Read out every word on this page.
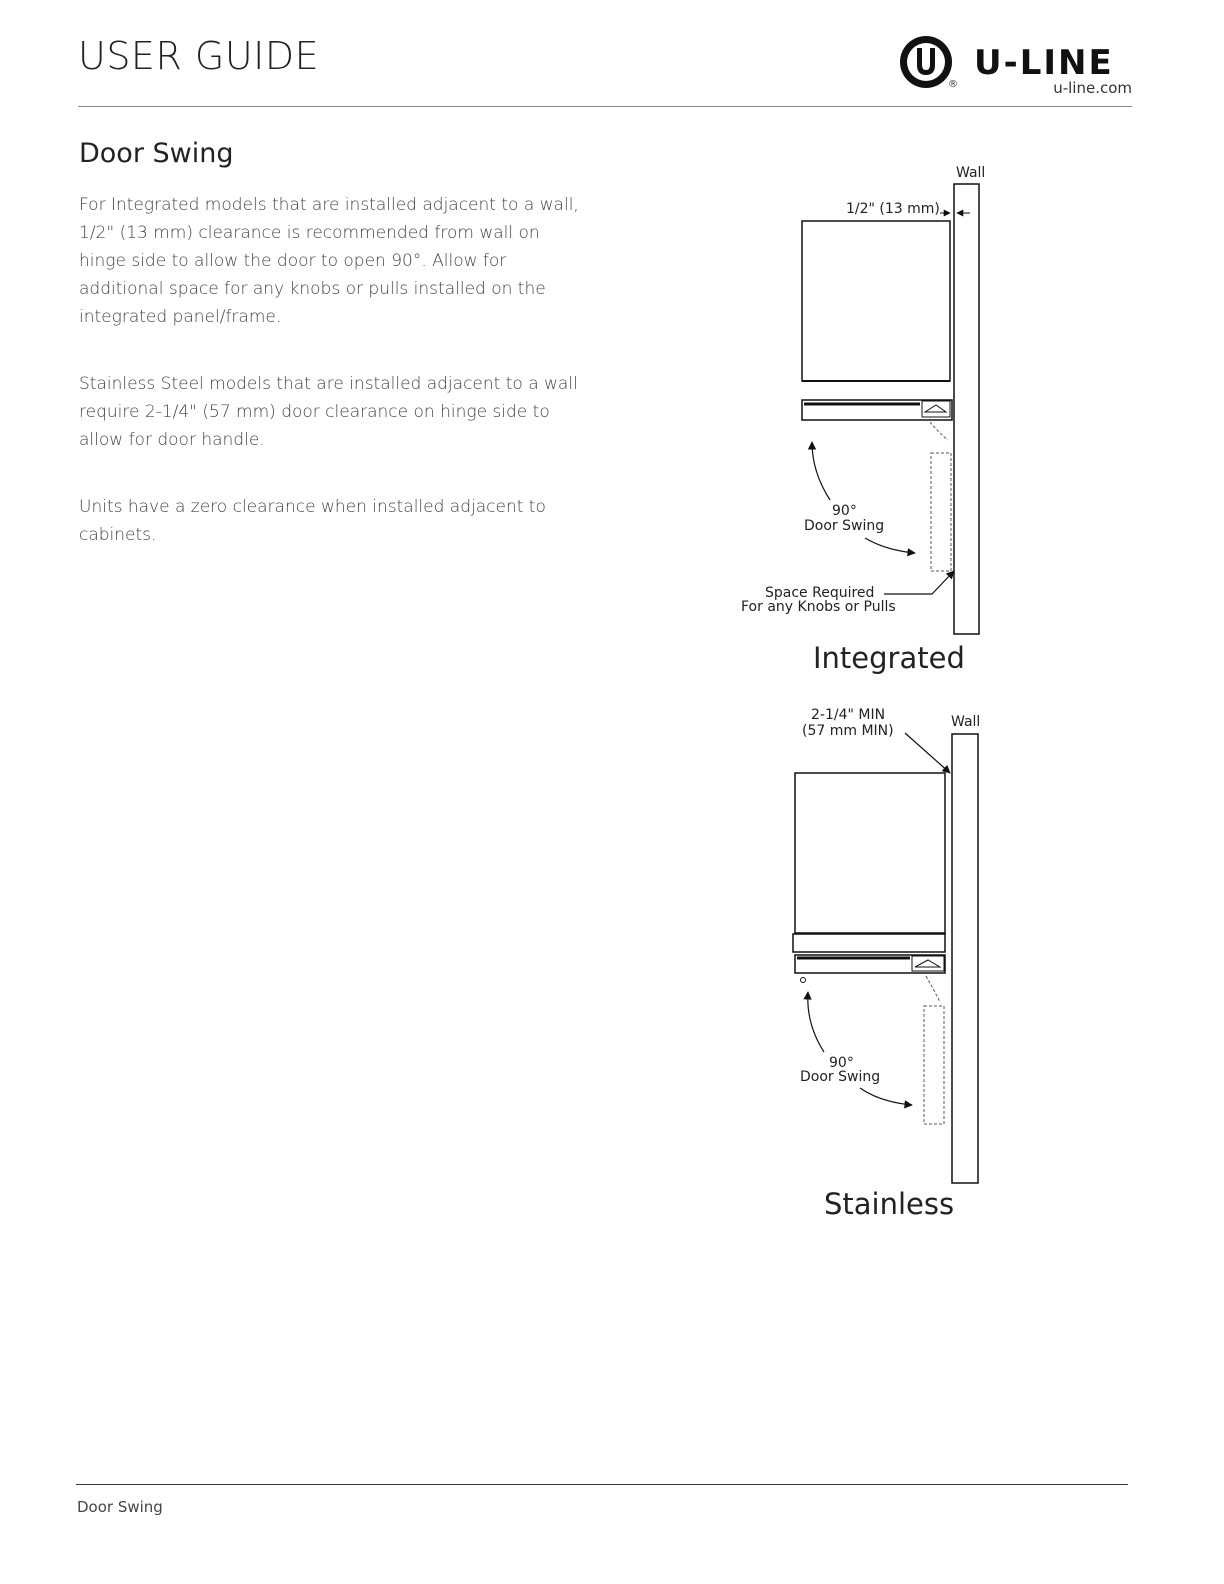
USER GUIDE
®
U-LINE
u-line.com
Door Swing
For Integrated models that are installed adjacent to a wall, 1/2" (13 mm) clearance is recommended from wall on hinge side to allow the door to open 90°. Allow for additional space for any knobs or pulls installed on the integrated panel/frame.
Stainless Steel models that are installed adjacent to a wall require 2-1/4" (57 mm) door clearance on hinge side to allow for door handle.
Units have a zero clearance when installed adjacent to cabinets.
Wall
1/2" (13 mm)
90°
Door Swing
Space Required
For any Knobs or Pulls
Integrated
2-1/4" MIN
(57 mm MIN)
Wall
90°
Door Swing
Stainless
Door Swing
